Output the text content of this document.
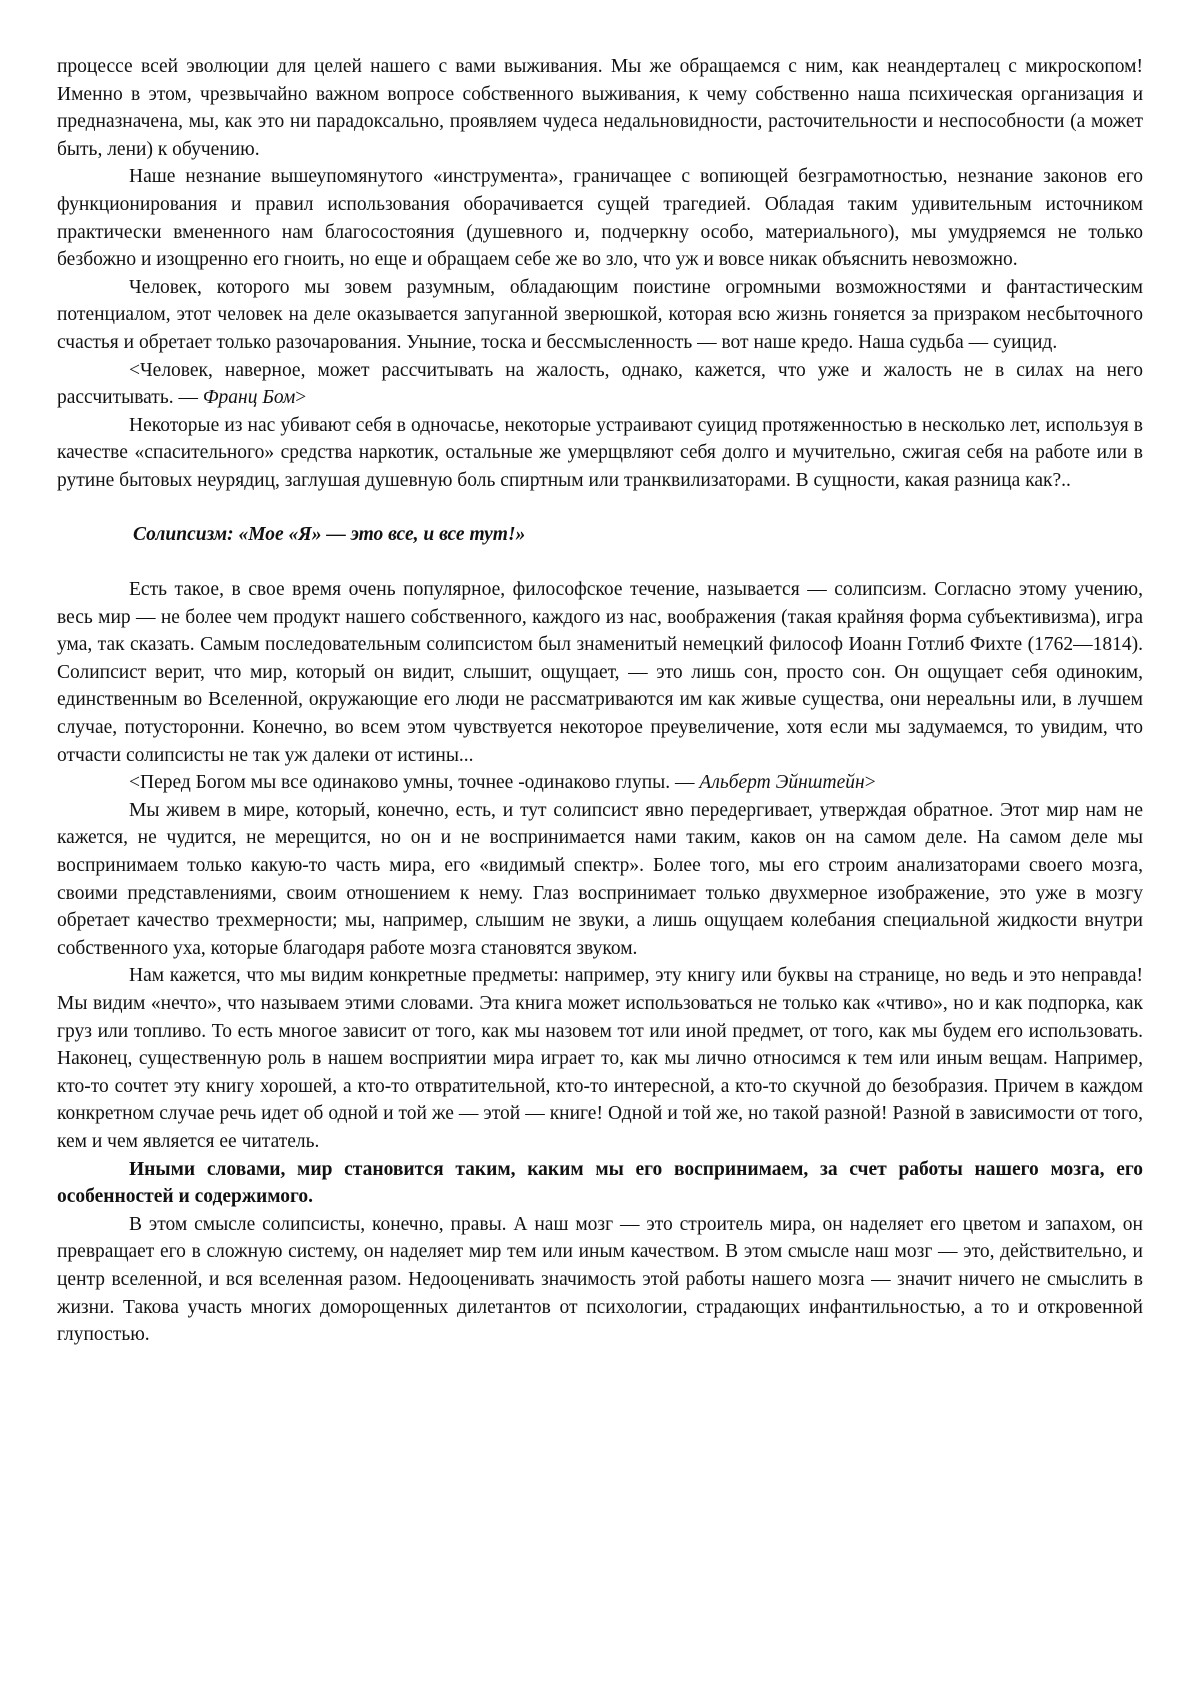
процессе всей эволюции для целей нашего с вами выживания. Мы же обращаемся с ним, как неандерталец с микроскопом! Именно в этом, чрезвычайно важном вопросе собственного выживания, к чему собственно наша психическая организация и предназначена, мы, как это ни парадоксально, проявляем чудеса недальновидности, расточительности и неспособности (а может быть, лени) к обучению.

Наше незнание вышеупомянутого «инструмента», граничащее с вопиющей безграмотностью, незнание законов его функционирования и правил использования оборачивается сущей трагедией. Обладая таким удивительным источником практически вмененного нам благосостояния (душевного и, подчеркну особо, материального), мы умудряемся не только безбожно и изощренно его гноить, но еще и обращаем себе же во зло, что уж и вовсе никак объяснить невозможно.

Человек, которого мы зовем разумным, обладающим поистине огромными возможностями и фантастическим потенциалом, этот человек на деле оказывается запуганной зверюшкой, которая всю жизнь гоняется за призраком несбыточного счастья и обретает только разочарования. Уныние, тоска и бессмысленность — вот наше кредо. Наша судьба — суицид.

<Человек, наверное, может рассчитывать на жалость, однако, кажется, что уже и жалость не в силах на него рассчитывать. — Франц Бом>

Некоторые из нас убивают себя в одночасье, некоторые устраивают суицид протяженностью в несколько лет, используя в качестве «спасительного» средства наркотик, остальные же умерщвляют себя долго и мучительно, сжигая себя на работе или в рутине бытовых неурядиц, заглушая душевную боль спиртным или транквилизаторами. В сущности, какая разница как?..

Солипсизм: «Мое «Я» — это все, и все тут!»

Есть такое, в свое время очень популярное, философское течение, называется — солипсизм. Согласно этому учению, весь мир — не более чем продукт нашего собственного, каждого из нас, воображения (такая крайняя форма субъективизма), игра ума, так сказать. Самым последовательным солипсистом был знаменитый немецкий философ Иоанн Готлиб Фихте (1762—1814). Солипсист верит, что мир, который он видит, слышит, ощущает, — это лишь сон, просто сон. Он ощущает себя одиноким, единственным во Вселенной, окружающие его люди не рассматриваются им как живые существа, они нереальны или, в лучшем случае, потусторонни. Конечно, во всем этом чувствуется некоторое преувеличение, хотя если мы задумаемся, то увидим, что отчасти солипсисты не так уж далеки от истины...

<Перед Богом мы все одинаково умны, точнее -одинаково глупы. — Альберт Эйнштейн>

Мы живем в мире, который, конечно, есть, и тут солипсист явно передергивает, утверждая обратное. Этот мир нам не кажется, не чудится, не мерещится, но он и не воспринимается нами таким, каков он на самом деле. На самом деле мы воспринимаем только какую-то часть мира, его «видимый спектр». Более того, мы его строим анализаторами своего мозга, своими представлениями, своим отношением к нему. Глаз воспринимает только двухмерное изображение, это уже в мозгу обретает качество трехмерности; мы, например, слышим не звуки, а лишь ощущаем колебания специальной жидкости внутри собственного уха, которые благодаря работе мозга становятся звуком.

Нам кажется, что мы видим конкретные предметы: например, эту книгу или буквы на странице, но ведь и это неправда! Мы видим «нечто», что называем этими словами. Эта книга может использоваться не только как «чтиво», но и как подпорка, как груз или топливо. То есть многое зависит от того, как мы назовем тот или иной предмет, от того, как мы будем его использовать. Наконец, существенную роль в нашем восприятии мира играет то, как мы лично относимся к тем или иным вещам. Например, кто-то сочтет эту книгу хорошей, а кто-то отвратительной, кто-то интересной, а кто-то скучной до безобразия. Причем в каждом конкретном случае речь идет об одной и той же — этой — книге! Одной и той же, но такой разной! Разной в зависимости от того, кем и чем является ее читатель.

Иными словами, мир становится таким, каким мы его воспринимаем, за счет работы нашего мозга, его особенностей и содержимого.

В этом смысле солипсисты, конечно, правы. А наш мозг — это строитель мира, он наделяет его цветом и запахом, он превращает его в сложную систему, он наделяет мир тем или иным качеством. В этом смысле наш мозг — это, действительно, и центр вселенной, и вся вселенная разом. Недооценивать значимость этой работы нашего мозга — значит ничего не смыслить в жизни. Такова участь многих доморощенных дилетантов от психологии, страдающих инфантильностью, а то и откровенной глупостью.
